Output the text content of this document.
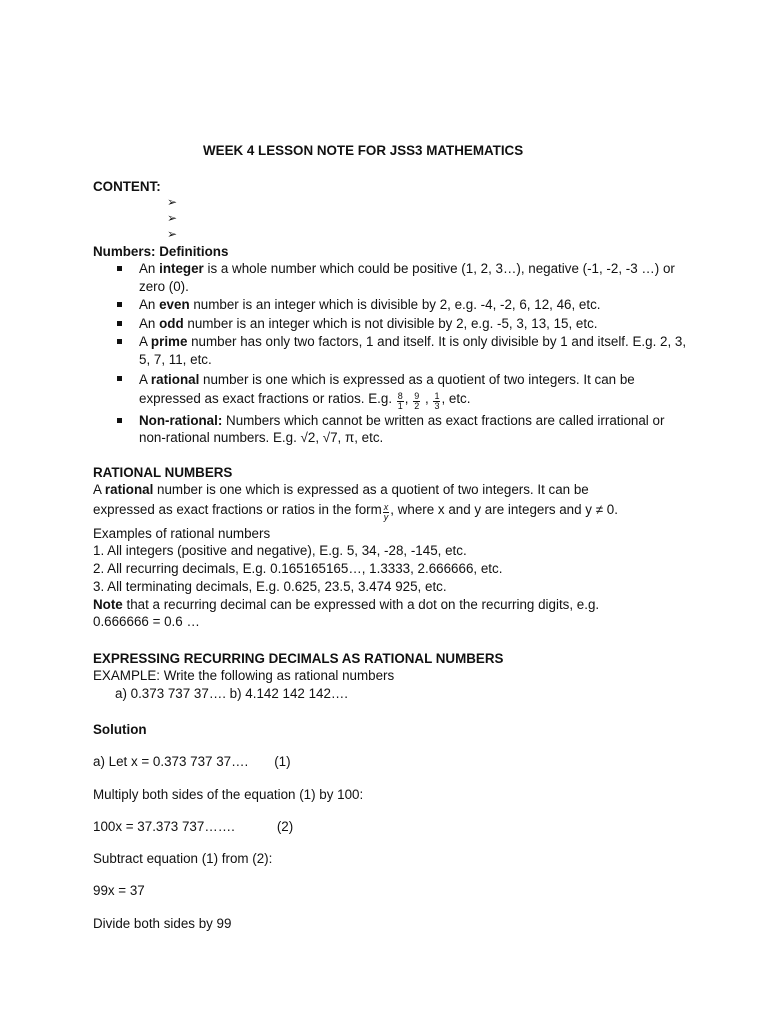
WEEK 4 LESSON NOTE FOR JSS3 MATHEMATICS
CONTENT:
➢
➢
➢
Numbers: Definitions
An integer is a whole number which could be positive (1, 2, 3…), negative (-1, -2, -3 …) or zero (0).
An even number is an integer which is divisible by 2, e.g. -4, -2, 6, 12, 46, etc.
An odd number is an integer which is not divisible by 2, e.g. -5, 3, 13, 15, etc.
A prime number has only two factors, 1 and itself. It is only divisible by 1 and itself. E.g. 2, 3, 5, 7, 11, etc.
A rational number is one which is expressed as a quotient of two integers. It can be expressed as exact fractions or ratios. E.g. $\frac{8}{1}$ , $\frac{9}{2}$ , $\frac{1}{3}$ , etc.
Non-rational: Numbers which cannot be written as exact fractions are called irrational or non-rational numbers. E.g. √2, √7, π, etc.
RATIONAL NUMBERS
A rational number is one which is expressed as a quotient of two integers. It can be
expressed as exact fractions or ratios in the form $\frac{x}{y}$ , where x and y are integers and y ≠ 0.
Examples of rational numbers
1. All integers (positive and negative), E.g. 5, 34, -28, -145, etc.
2. All recurring decimals, E.g. 0.165165165…, 1.3333, 2.666666, etc.
3. All terminating decimals, E.g. 0.625, 23.5, 3.474 925, etc.
Note that a recurring decimal can be expressed with a dot on the recurring digits, e.g.
0.666666 = 0.6 …
EXPRESSING RECURRING DECIMALS AS RATIONAL NUMBERS
EXAMPLE: Write the following as rational numbers
a) 0.373 737 37…. b) 4.142 142 142….
Solution
a) Let x = 0.373 737 37…. (1)
Multiply both sides of the equation (1) by 100:
100x = 37.373 737…….	(2)
Subtract equation (1) from (2):
99x = 37
Divide both sides by 99
